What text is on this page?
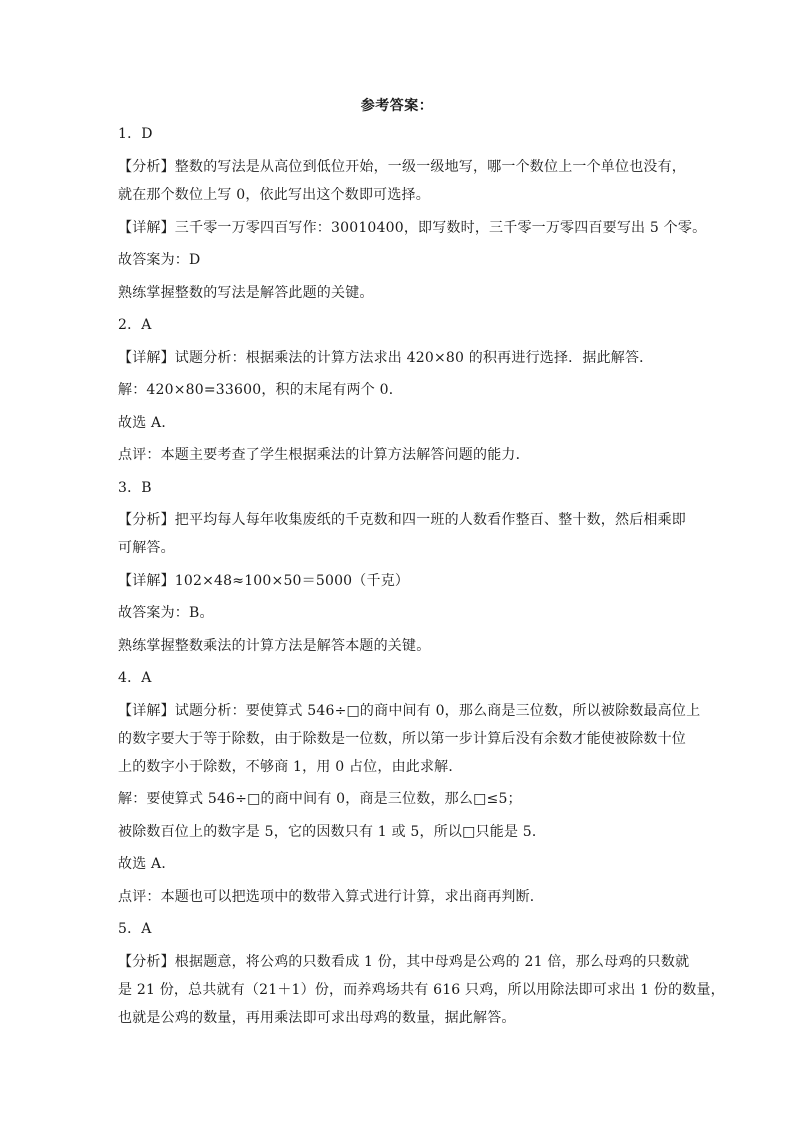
参考答案：
1．D
【分析】整数的写法是从高位到低位开始，一级一级地写，哪一个数位上一个单位也没有，
就在那个数位上写 0，依此写出这个数即可选择。
【详解】三千零一万零四百写作：30010400，即写数时，三千零一万零四百要写出 5 个零。
故答案为：D
熟练掌握整数的写法是解答此题的关键。
2．A
【详解】试题分析：根据乘法的计算方法求出 420×80 的积再进行选择．据此解答．
解：420×80=33600，积的末尾有两个 0．
故选 A．
点评：本题主要考查了学生根据乘法的计算方法解答问题的能力．
3．B
【分析】把平均每人每年收集废纸的千克数和四一班的人数看作整百、整十数，然后相乘即
可解答。
【详解】102×48≈100×50＝5000（千克）
故答案为：B。
熟练掌握整数乘法的计算方法是解答本题的关键。
4．A
【详解】试题分析：要使算式 546÷□的商中间有 0，那么商是三位数，所以被除数最高位上
的数字要大于等于除数，由于除数是一位数，所以第一步计算后没有余数才能使被除数十位
上的数字小于除数，不够商 1，用 0 占位，由此求解．
解：要使算式 546÷□的商中间有 0，商是三位数，那么□≤5；
被除数百位上的数字是 5，它的因数只有 1 或 5，所以□只能是 5．
故选 A．
点评：本题也可以把选项中的数带入算式进行计算，求出商再判断．
5．A
【分析】根据题意，将公鸡的只数看成 1 份，其中母鸡是公鸡的 21 倍，那么母鸡的只数就
是 21 份，总共就有（21＋1）份，而养鸡场共有 616 只鸡，所以用除法即可求出 1 份的数量，
也就是公鸡的数量，再用乘法即可求出母鸡的数量，据此解答。
